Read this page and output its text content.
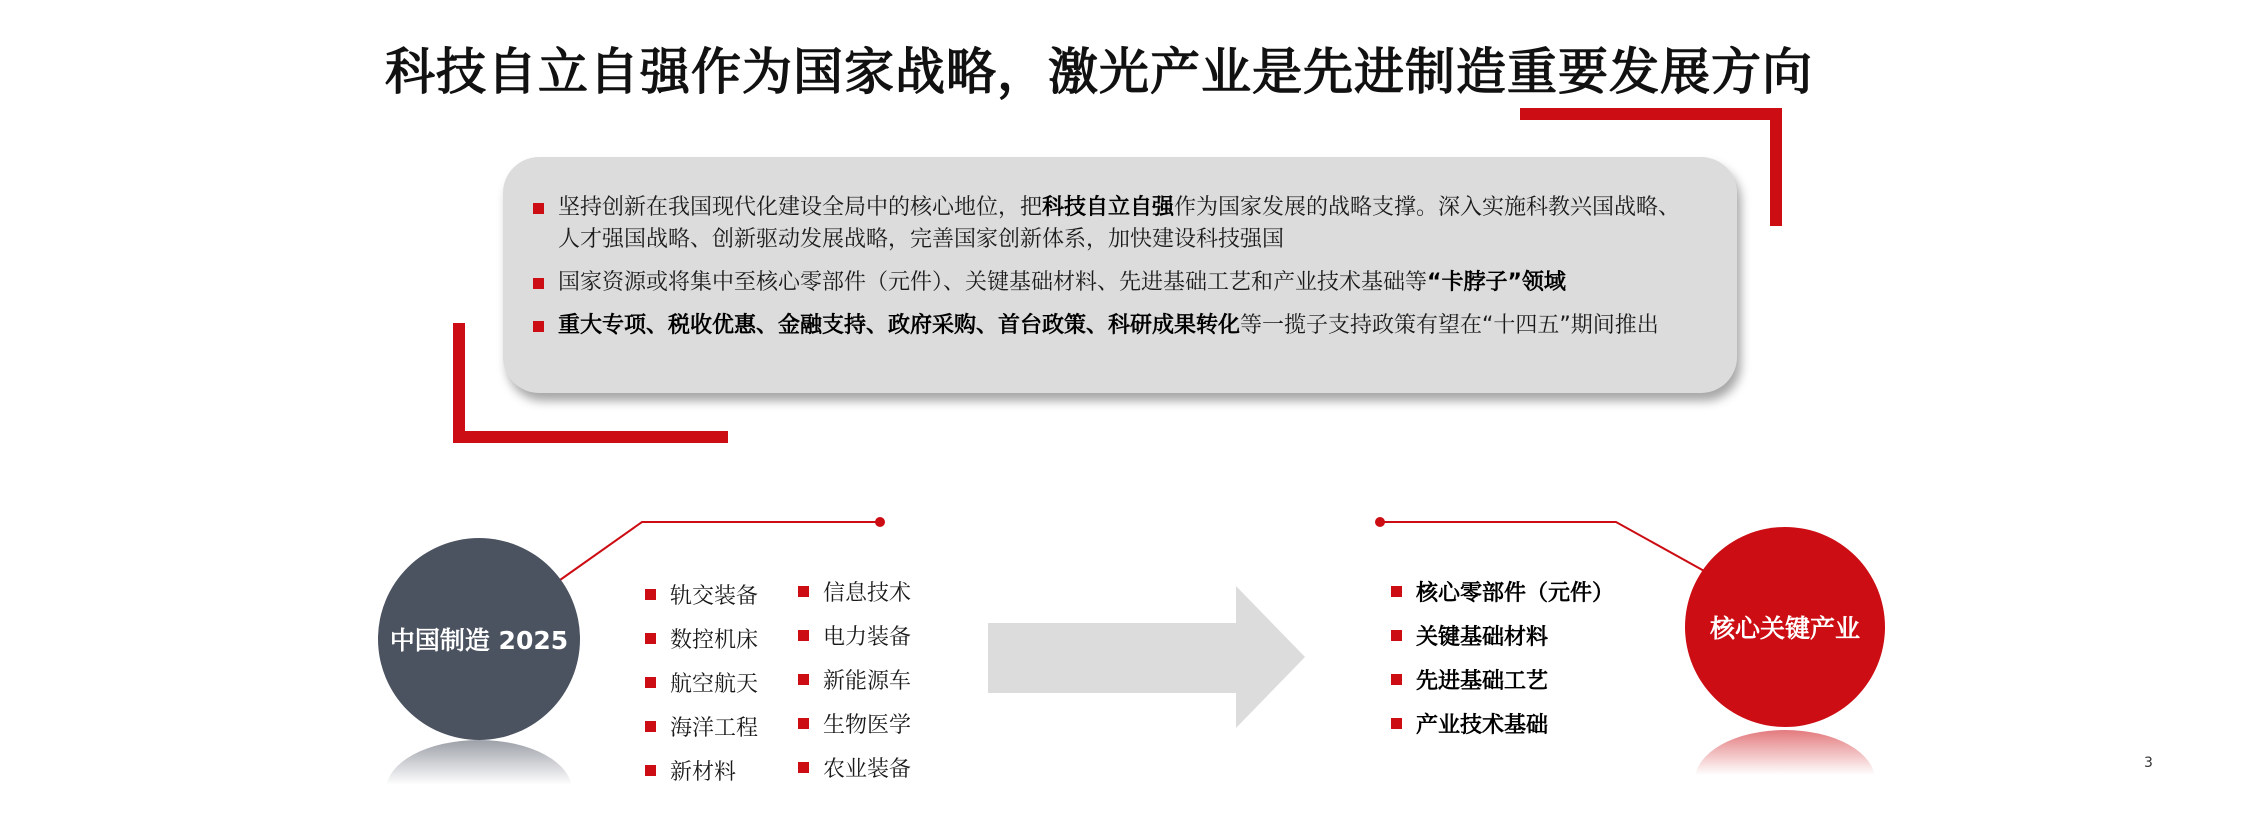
科技自立自强作为国家战略，激光产业是先进制造重要发展方向
坚持创新在我国现代化建设全局中的核心地位，把科技自立自强作为国家发展的战略支撑。深入实施科教兴国战略、
人才强国战略、创新驱动发展战略，完善国家创新体系，加快建设科技强国
国家资源或将集中至核心零部件（元件）、关键基础材料、先进基础工艺和产业技术基础等“卡脖子”领域
重大专项、税收优惠、金融支持、政府采购、首台政策、科研成果转化等一揽子支持政策有望在“十四五”期间推出
中国制造 2025	核心关键产业
轨交装备
数控机床
航空航天
海洋工程
新材料
信息技术
电力装备
新能源车
生物医学
农业装备
核心零部件（元件）
关键基础材料
先进基础工艺
产业技术基础
3
